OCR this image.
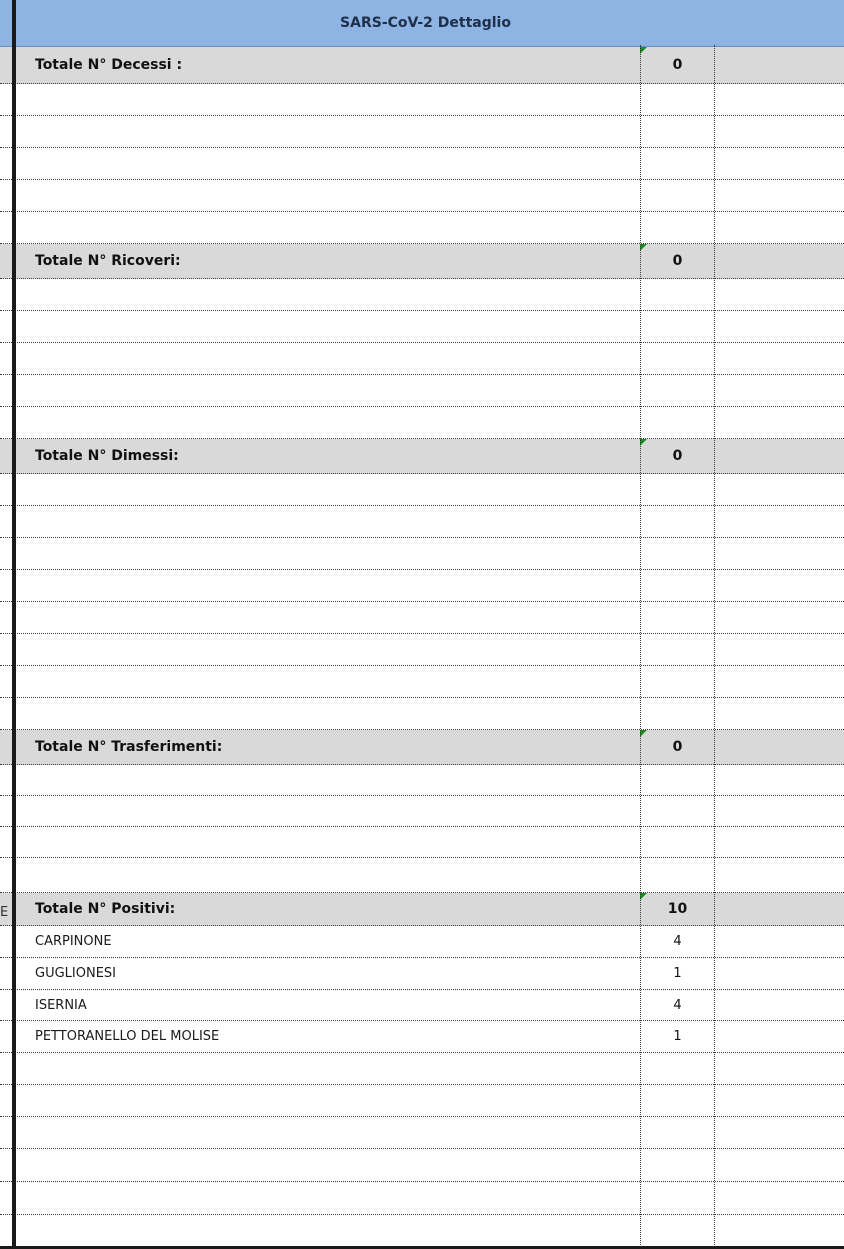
SARS-CoV-2 Dettaglio
Totale N° Decessi :	0
Totale N° Ricoveri:	0
Totale N° Dimessi:	0
Totale N° Trasferimenti:	0
Totale N° Positivi:	10
CARPINONE	4
GUGLIONESI	1
ISERNIA	4
PETTORANELLO DEL MOLISE	1
E
